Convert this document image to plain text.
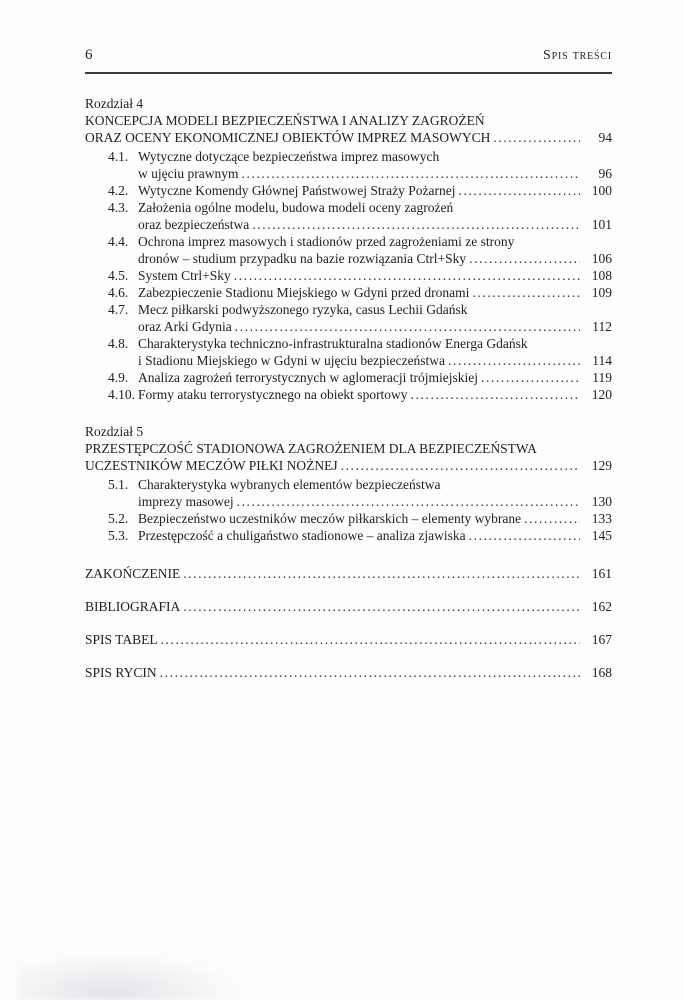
6	Spis treści
Rozdział 4
KONCEPCJA MODELI BEZPIECZEŃSTWA I ANALIZY ZAGROŻEŃ
ORAZ OCENY EKONOMICZNEJ OBIEKTÓW IMPREZ MASOWYCH .....	94
4.1. Wytyczne dotyczące bezpieczeństwa imprez masowych
w ujęciu prawnym .....	96
4.2. Wytyczne Komendy Głównej Państwowej Straży Pożarnej .....	100
4.3. Założenia ogólne modelu, budowa modeli oceny zagrożeń
oraz bezpieczeństwa .....	101
4.4. Ochrona imprez masowych i stadionów przed zagrożeniami ze strony
dronów – studium przypadku na bazie rozwiązania Ctrl+Sky .....	106
4.5. System Ctrl+Sky .....	108
4.6. Zabezpieczenie Stadionu Miejskiego w Gdyni przed dronami .....	109
4.7. Mecz piłkarski podwyższonego ryzyka, casus Lechii Gdańsk
oraz Arki Gdynia .....	112
4.8. Charakterystyka techniczno-infrastrukturalna stadionów Energa Gdańsk
i Stadionu Miejskiego w Gdyni w ujęciu bezpieczeństwa .....	114
4.9. Analiza zagrożeń terrorystycznych w aglomeracji trójmiejskiej .....	119
4.10. Formy ataku terrorystycznego na obiekt sportowy .....	120
Rozdział 5
PRZESTĘPCZOŚĆ STADIONOWA ZAGROŻENIEM DLA BEZPIECZEŃSTWA
UCZESTNIKÓW MECZÓW PIŁKI NOŻNEJ .....	129
5.1. Charakterystyka wybranych elementów bezpieczeństwa
imprezy masowej .....	130
5.2. Bezpieczeństwo uczestników meczów piłkarskich – elementy wybrane .....	133
5.3. Przestępczość a chuligaństwo stadionowe – analiza zjawiska .....	145
ZAKOŃCZENIE .....	161
BIBLIOGRAFIA .....	162
SPIS TABEL .....	167
SPIS RYCIN .....	168
